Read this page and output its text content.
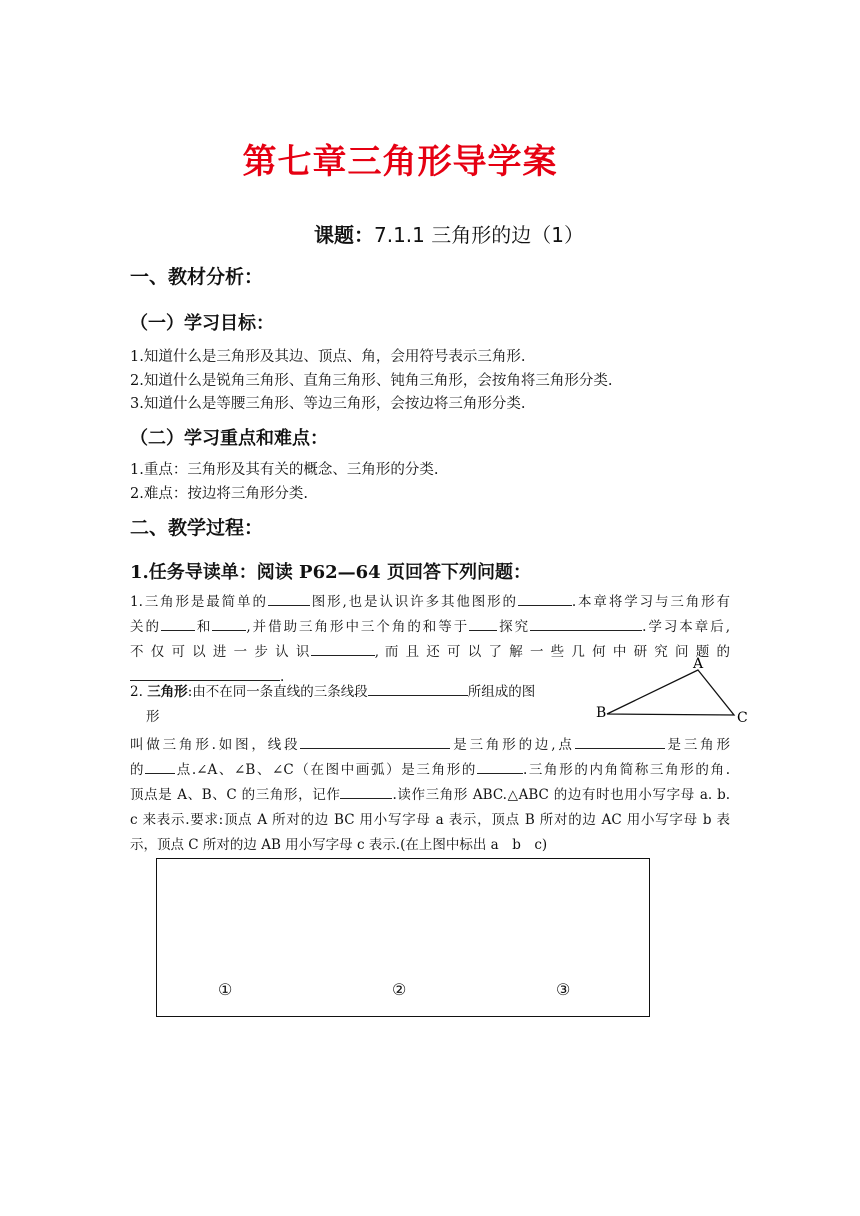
第七章三角形导学案
课题：7.1.1 三角形的边（1）
一、教材分析：
（一）学习目标：
1.知道什么是三角形及其边、顶点、角，会用符号表示三角形.
2.知道什么是锐角三角形、直角三角形、钝角三角形，会按角将三角形分类.
3.知道什么是等腰三角形、等边三角形，会按边将三角形分类.
（二）学习重点和难点：
1.重点：三角形及其有关的概念、三角形的分类.
2.难点：按边将三角形分类.
二、教学过程：
1.任务导读单：阅读 P62—64 页回答下列问题：
1.三角形是最简单的	图形,也是认识许多其他图形的	.本章将学习与三角形有
关的	和	,并借助三角形中三个角的和等于 探究	.学习本章后,
不 仅 可 以 进 一 步 认 识	, 而 且 还 可 以 了 解 一 些 几 何 中 研 究 问 题 的
.
2. 三角形:由不在同一条直线的三条线段	所组成的图
形
A
B	C
叫做三角形.如图，线段	是三角形的边,点	是三角形
的 点.∠A、∠B、∠C（在图中画弧）是三角形的	.三角形的内角简称三角形的角.
顶点是 A、B、C 的三角形，记作	.读作三角形 ABC.△ABC 的边有时也用小写字母 a. b.
c 来表示.要求:顶点 A 所对的边 BC 用小写字母 a 表示，顶点 B 所对的边 AC 用小写字母 b 表
示，顶点 C 所对的边 AB 用小写字母 c 表示.(在上图中标出 a　b　c)
①	②	③
